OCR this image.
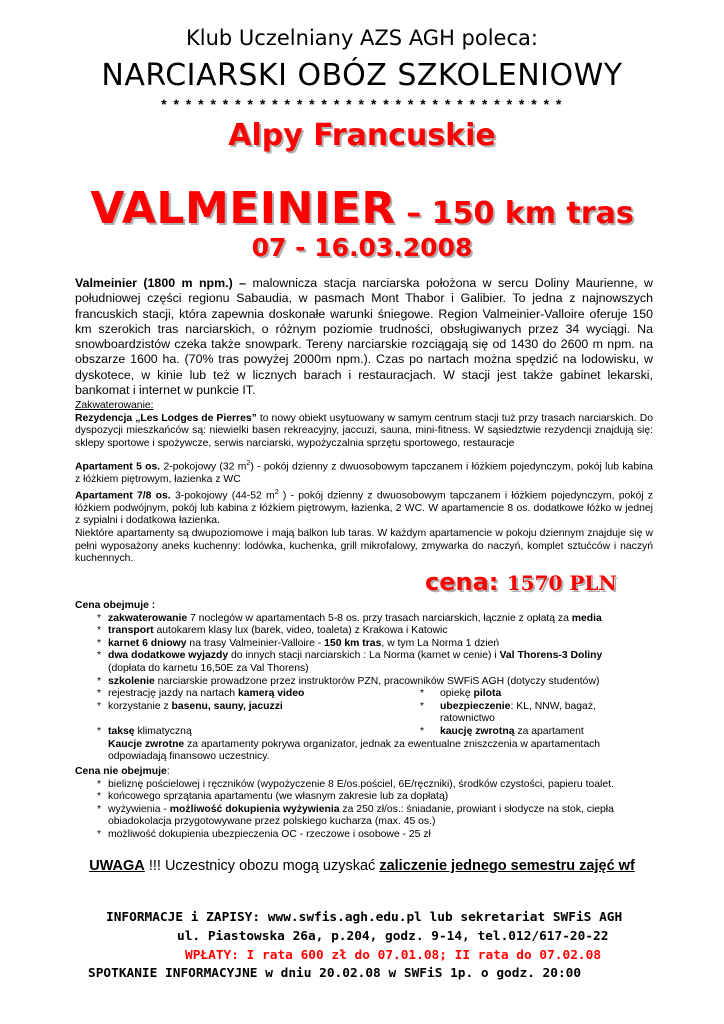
Klub Uczelniany AZS AGH poleca:
NARCIARSKI OBÓZ SZKOLENIOWY
* * * * * * * * * * * * * * * * * * * * * * * * * * * * * * * * *
Alpy Francuskie
VALMEINIER – 150 km tras
07 - 16.03.2008
Valmeinier (1800 m npm.) – malownicza stacja narciarska położona w sercu Doliny Maurienne, w południowej części regionu Sabaudia, w pasmach Mont Thabor i Galibier. To jedna z najnowszych francuskich stacji, która zapewnia doskonałe warunki śniegowe. Region Valmeinier-Valloire oferuje 150 km szerokich tras narciarskich, o różnym poziomie trudności, obsługiwanych przez 34 wyciągi. Na snowboardzistów czeka także snowpark. Tereny narciarskie rozciągają się od 1430 do 2600 m npm. na obszarze 1600 ha. (70% tras powyżej 2000m npm.). Czas po nartach można spędzić na lodowisku, w dyskotece, w kinie lub też w licznych barach i restauracjach. W stacji jest także gabinet lekarski, bankomat i internet w punkcie IT.
Zakwaterowanie:
Rezydencja „Les Lodges de Pierres” to nowy obiekt usytuowany w samym centrum stacji tuż przy trasach narciarskich. Do dyspozycji mieszkańców są: niewielki basen rekreacyjny, jaccuzi, sauna, mini-fitness. W sąsiedztwie rezydencji znajdują się: sklepy sportowe i spożywcze, serwis narciarski, wypożyczalnia sprzętu sportowego, restauracje
Apartament 5 os. 2-pokojowy (32 $m^2$) - pokój dzienny z dwuosobowym tapczanem i łóżkiem pojedynczym, pokój lub kabina z łóżkiem piętrowym, łazienka z WC
Apartament 7/8 os. 3-pokojowy (44-52 $m^2$ ) - pokój dzienny z dwuosobowym tapczanem i łóżkiem pojedynczym, pokój z łóżkiem podwójnym, pokój lub kabina z łóżkiem piętrowym, łazienka, 2 WC. W apartamencie 8 os. dodatkowe łóżko w jednej z sypialni i dodatkowa łazienka.
Niektóre apartamenty są dwupoziomowe i mają balkon lub taras. W każdym apartamencie w pokoju dziennym znajduje się w pełni wyposażony aneks kuchenny: lodówka, kuchenka, grill mikrofalowy, zmywarka do naczyń, komplet sztućców i naczyń kuchennych.
cena: 1570 PLN
Cena obejmuje :
* zakwaterowanie 7 noclegów w apartamentach 5-8 os. przy trasach narciarskich, łącznie z opłatą za media
* transport autokarem klasy lux (barek, video, toaleta) z Krakowa i Katowic
* karnet 6 dniowy na trasy Valmeinier-Valloire - 150 km tras, w tym La Norma 1 dzień
* dwa dodatkowe wyjazdy do innych stacji narciarskich : La Norma (karnet w cenie) i Val Thorens-3 Doliny
(dopłata do karnetu 16,50E za Val Thorens)
* szkolenie narciarskie prowadzone przez instruktorów PZN, pracowników SWFiS AGH (dotyczy studentów)
* rejestrację jazdy na nartach kamerą video	* opiekę pilota
* korzystanie z basenu, sauny, jacuzzi	* ubezpieczenie: KL, NNW, bagaż, ratownictwo
* taksę klimatyczną	* kaucję zwrotną za apartament
Kaucje zwrotne za apartamenty pokrywa organizator, jednak za ewentualne zniszczenia w apartamentach odpowiadają finansowo uczestnicy.
Cena nie obejmuje:
* bieliznę pościelowej i ręczników (wypożyczenie 8 E/os.pościel, 6E/ręczniki), środków czystości, papieru toalet.
* końcowego sprzątania apartamentu (we własnym zakresie lub za dopłatą)
* wyżywienia - możliwość dokupienia wyżywienia za 250 zł/os.: śniadanie, prowiant i słodycze na stok, ciepła
obiadokolacja przygotowywane przez polskiego kucharza (max. 45 os.)
* możliwość dokupienia ubezpieczenia OC - rzeczowe i osobowe - 25 zł
UWAGA !!! Uczestnicy obozu mogą uzyskać zaliczenie jednego semestru zajęć wf
INFORMACJE i ZAPISY: www.swfis.agh.edu.pl lub sekretariat SWFiS AGH
ul. Piastowska 26a, p.204, godz. 9-14, tel.012/617-20-22
WPŁATY: I rata 600 zł do 07.01.08; II rata do 07.02.08
SPOTKANIE INFORMACYJNE w dniu 20.02.08 w SWFiS 1p. o godz. 20:00
